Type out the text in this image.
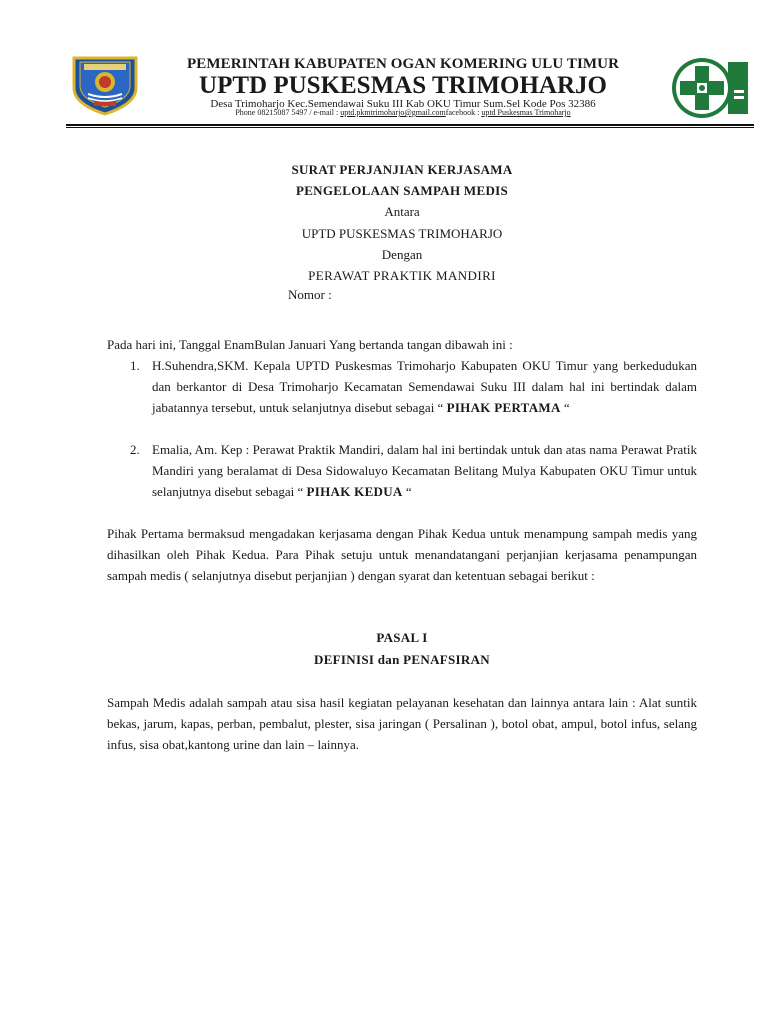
PEMERINTAH KABUPATEN OGAN KOMERING ULU TIMUR
UPTD PUSKESMAS TRIMOHARJO
Desa Trimoharjo Kec.Semendawai Suku III Kab OKU Timur Sum.Sel Kode Pos 32386
Phone 08215087 5497 / e-mail : uptd.pkmtrimoharjo@gmail.comfacebook : uptd Puskesmas Trimoharjo
SURAT PERJANJIAN KERJASAMA
PENGELOLAAN SAMPAH MEDIS
Antara
UPTD PUSKESMAS TRIMOHARJO
Dengan
PERAWAT PRAKTIK MANDIRI
Nomor :
Pada hari ini, Tanggal EnamBulan Januari Yang bertanda tangan dibawah ini :
1. H.Suhendra,SKM. Kepala UPTD Puskesmas Trimoharjo Kabupaten OKU Timur yang berkedudukan dan berkantor di Desa Trimoharjo Kecamatan Semendawai Suku III dalam hal ini bertindak dalam jabatannya tersebut, untuk selanjutnya disebut sebagai “ PIHAK PERTAMA “
2. Emalia, Am. Kep : Perawat Praktik Mandiri, dalam hal ini bertindak untuk dan atas nama Perawat Pratik Mandiri yang beralamat di Desa Sidowaluyo Kecamatan Belitang Mulya Kabupaten OKU Timur untuk selanjutnya disebut sebagai “ PIHAK KEDUA “
Pihak Pertama bermaksud mengadakan kerjasama dengan Pihak Kedua untuk menampung sampah medis yang dihasilkan oleh Pihak Kedua. Para Pihak setuju untuk menandatangani perjanjian kerjasama penampungan sampah medis ( selanjutnya disebut perjanjian ) dengan syarat dan ketentuan sebagai berikut :
PASAL I
DEFINISI dan PENAFSIRAN
Sampah Medis adalah sampah atau sisa hasil kegiatan pelayanan kesehatan dan lainnya antara lain : Alat suntik bekas, jarum, kapas, perban, pembalut, plester, sisa jaringan ( Persalinan ), botol obat, ampul, botol infus, selang infus, sisa obat,kantong urine dan lain – lainnya.
